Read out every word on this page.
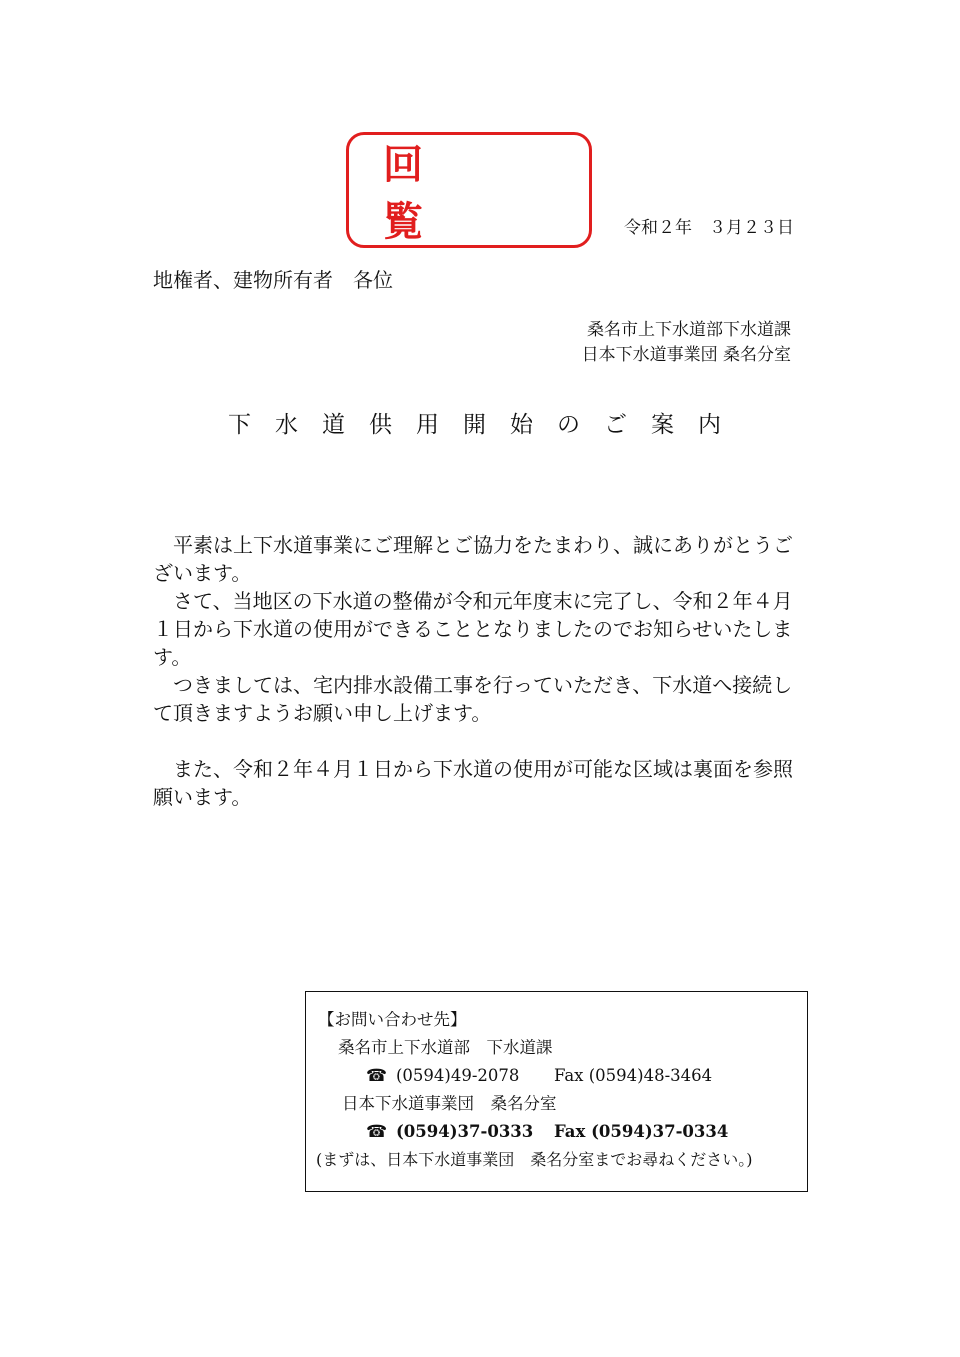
回　覧	令和２年　３月２３日
地権者、建物所有者　各位
桑名市上下水道部下水道課
日本下水道事業団 桑名分室
下水道供用開始のご案内

　平素は上下水道事業にご理解とご協力をたまわり、誠にありがとうございます。

　さて、当地区の下水道の整備が令和元年度末に完了し、令和２年４月１日から下水道の使用ができることとなりましたのでお知らせいたします。

　つきましては、宅内排水設備工事を行っていただき、下水道へ接続して頂きますようお願い申し上げます。

　また、令和２年４月１日から下水道の使用が可能な区域は裏面を参照願います。

【お問い合わせ先】
桑名市上下水道部　下水道課
☎ (0594)49-2078 Fax (0594)48-3464
日本下水道事業団　桑名分室
☎ (0594)37-0333 Fax (0594)37-0334
(まずは、日本下水道事業団　桑名分室までお尋ねください。)
